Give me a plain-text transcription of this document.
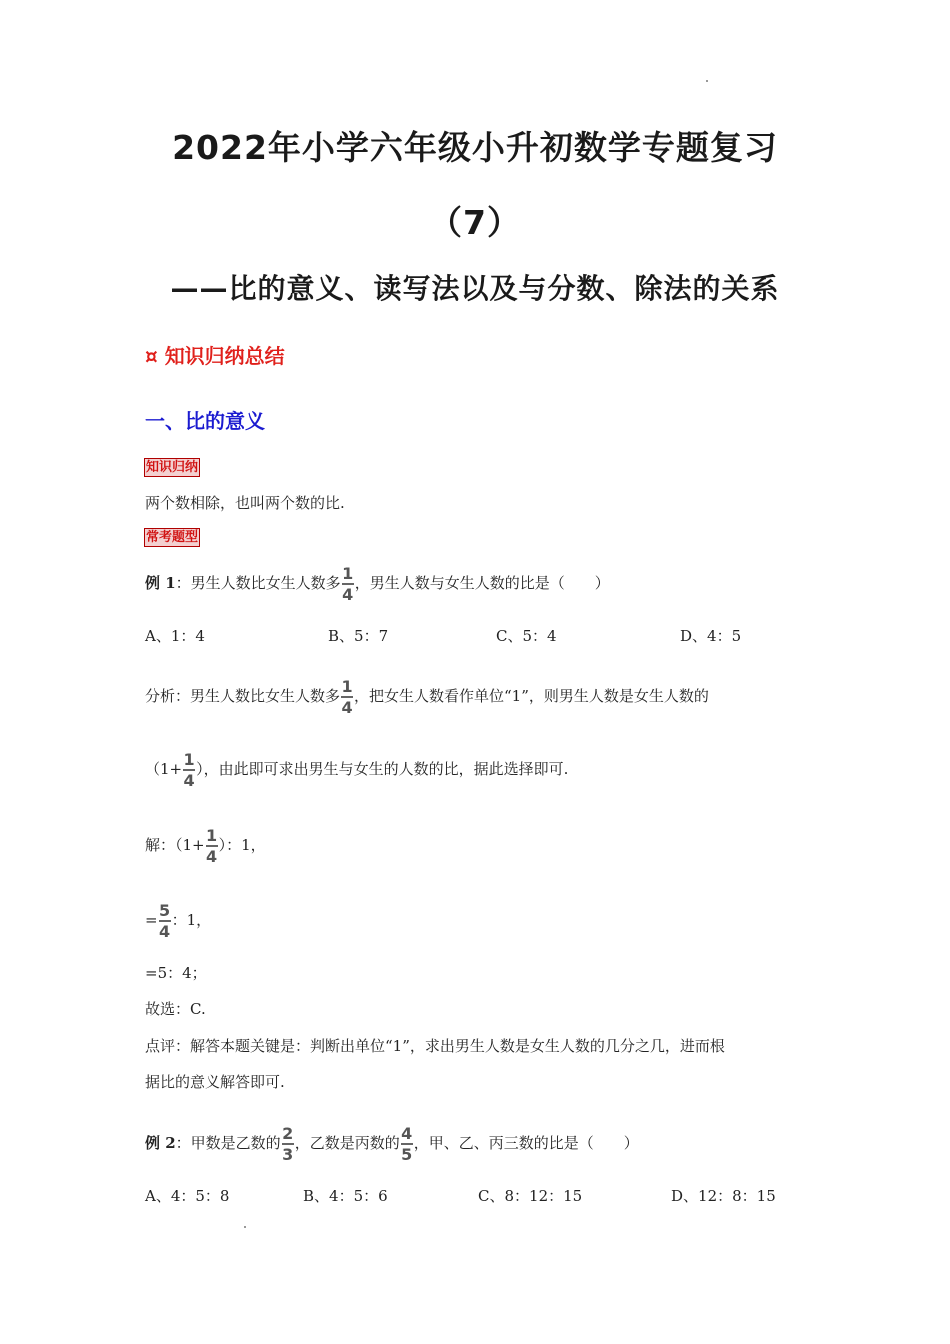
2022年小学六年级小升初数学专题复习
（7）
——比的意义、读写法以及与分数、除法的关系
¤ 知识归纳总结
一、比的意义
知识归纳
两个数相除，也叫两个数的比.
常考题型
例 1：男生人数比女生人数多 $\frac{1}{4}$ ，男生人数与女生人数的比是（　　）
A、1：4	B、5：7	C、5：4	D、4：5
分析：男生人数比女生人数多 $\frac{1}{4}$ ，把女生人数看作单位“1”，则男生人数是女生人数的
（$1+ \frac{1}{4}$ ），由此即可求出男生与女生的人数的比，据此选择即可.
解：（$1+ \frac{1}{4}$ ）：1，
= $\frac{5}{4}$ ：1，
=5：4；
故选：C.
点评：解答本题关键是：判断出单位“1”，求出男生人数是女生人数的几分之几，进而根
据比的意义解答即可.
例 2：甲数是乙数的 $\frac{2}{3}$ ，乙数是丙数的 $\frac{4}{5}$ ，甲、乙、丙三数的比是（　　）
A、4：5：8	B、4：5：6	C、8：12：15	D、12：8：15
